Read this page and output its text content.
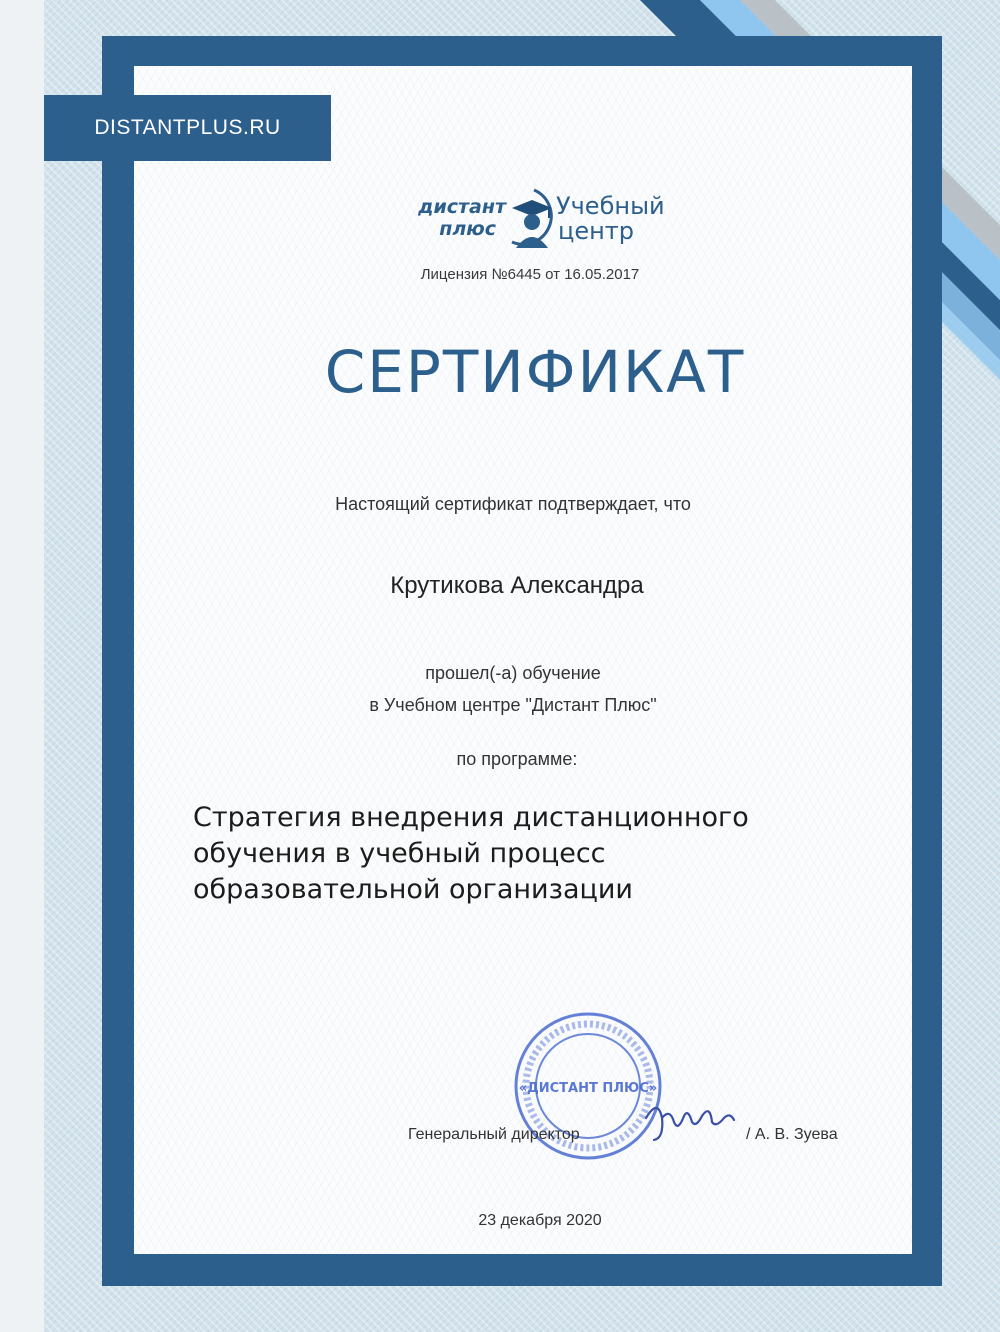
DISTANTPLUS.RU
дистант
плюс
Учебный
центр
Лицензия №6445 от 16.05.2017
СЕРТИФИКАТ
Настоящий сертификат подтверждает, что
Крутикова Александра
прошел(-а) обучение
в Учебном центре "Дистант Плюс"
по программе:
Стратегия внедрения дистанционного
обучения в учебный процесс
образовательной организации
«ДИСТАНТ ПЛЮС»
Генеральный директор	/ А. В. Зуева
23 декабря 2020
